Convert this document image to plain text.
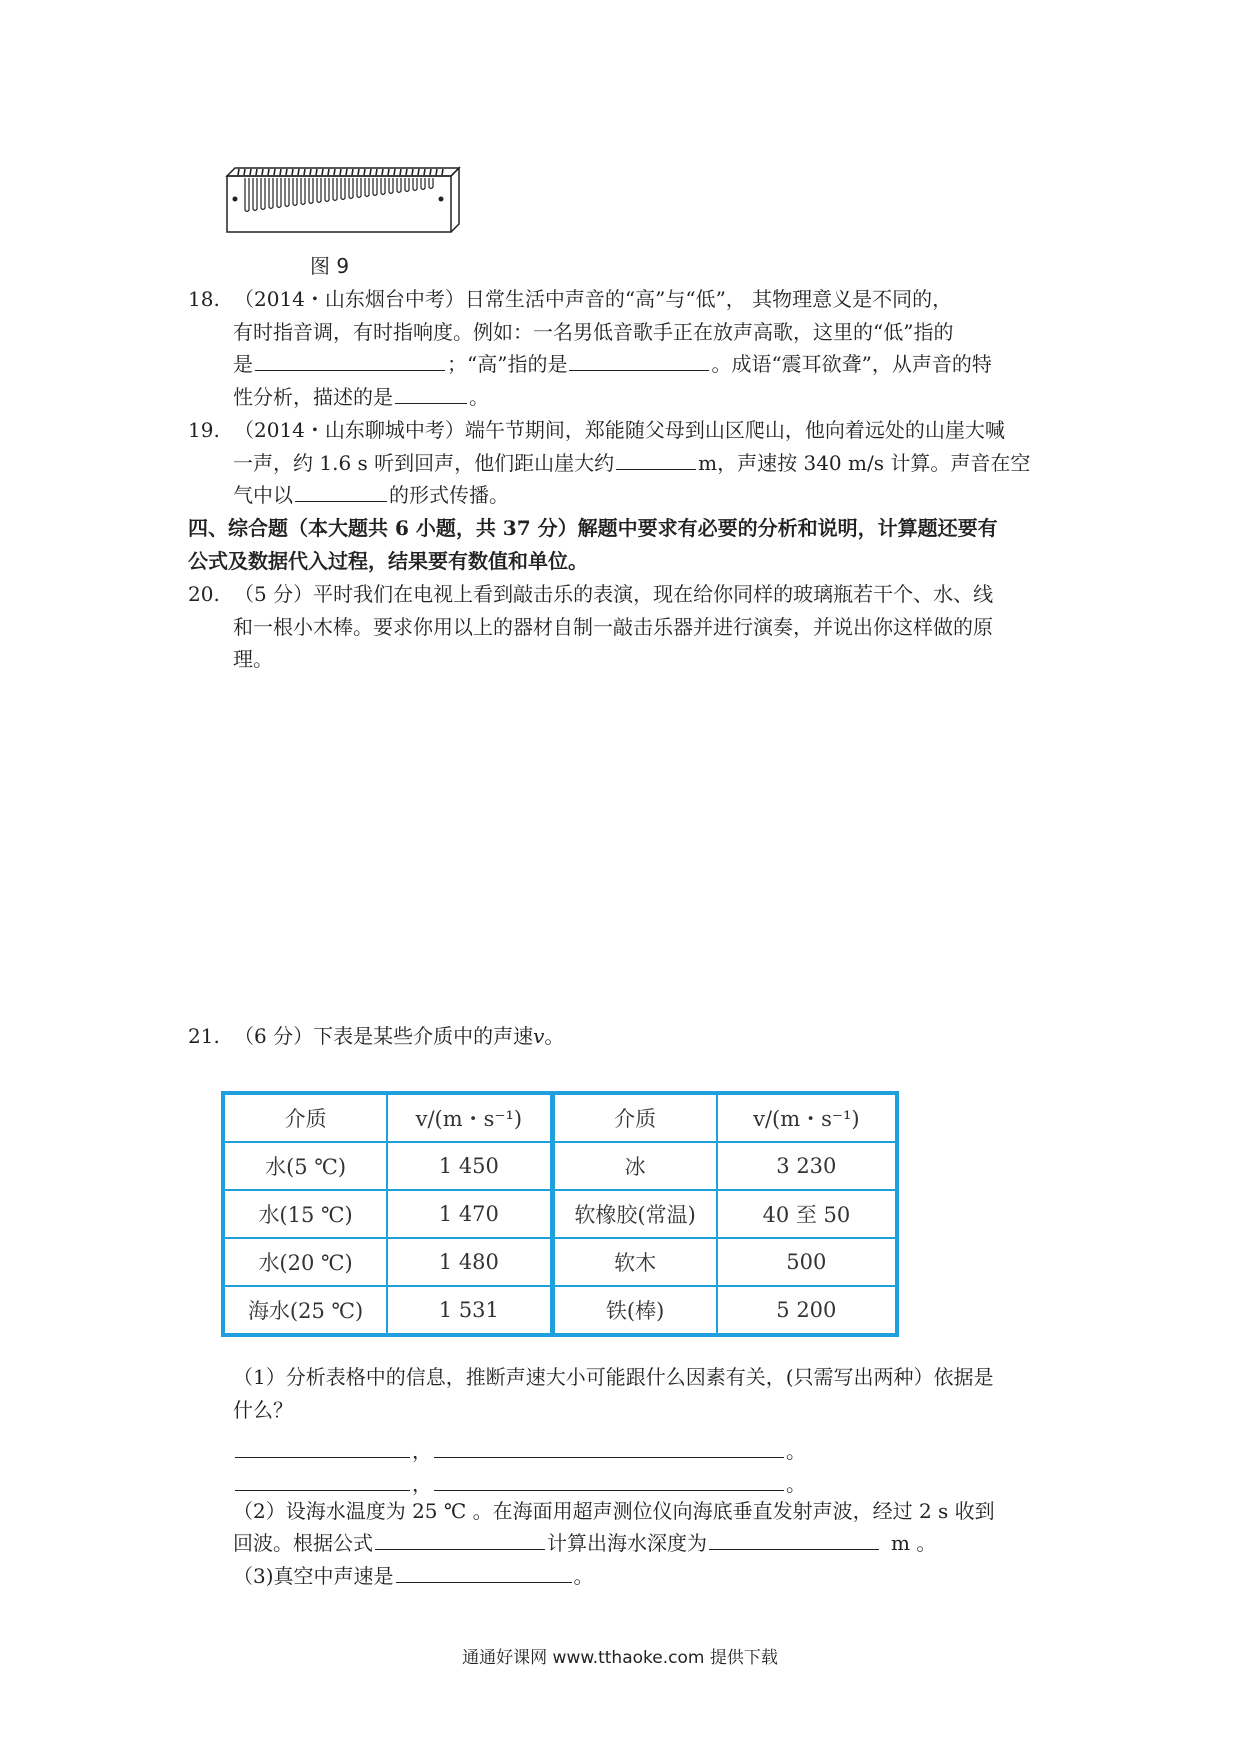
图 9
18. （2014・山东烟台中考）日常生活中声音的“高”与“低”， 其物理意义是不同的，
有时指音调，有时指响度。例如：一名男低音歌手正在放声高歌，这里的“低”指的
是	；“高”指的是	。成语“震耳欲聋”，从声音的特
性分析，描述的是	。
19. （2014・山东聊城中考）端午节期间，郑能随父母到山区爬山，他向着远处的山崖大喊
一声，约 1.6 s 听到回声，他们距山崖大约	m，声速按 340 m/s 计算。声音在空
气中以	的形式传播。
四、综合题（本大题共 6 小题，共 37 分）解题中要求有必要的分析和说明，计算题还要有
公式及数据代入过程，结果要有数值和单位。
20. （5 分）平时我们在电视上看到敲击乐的表演，现在给你同样的玻璃瓶若干个、水、线
和一根小木棒。要求你用以上的器材自制一敲击乐器并进行演奏，并说出你这样做的原
理。
21. （6 分）下表是某些介质中的声速v。
介质	v/(m・s⁻¹)	介质	v/(m・s⁻¹)
水(5 ℃)	1 450	冰	3 230
水(15 ℃)	1 470	软橡胶(常温)	40 至 50
水(20 ℃)	1 480	软木	500
海水(25 ℃)	1 531	铁(棒)	5 200
（1）分析表格中的信息，推断声速大小可能跟什么因素有关，(只需写出两种）依据是
什么？
，	。
，	。
（2）设海水温度为 25 ℃ 。在海面用超声测位仪向海底垂直发射声波，经过 2 s 收到
回波。根据公式	计算出海水深度为	m 。
（3)真空中声速是	。
通通好课网 www.tthaoke.com 提供下载
